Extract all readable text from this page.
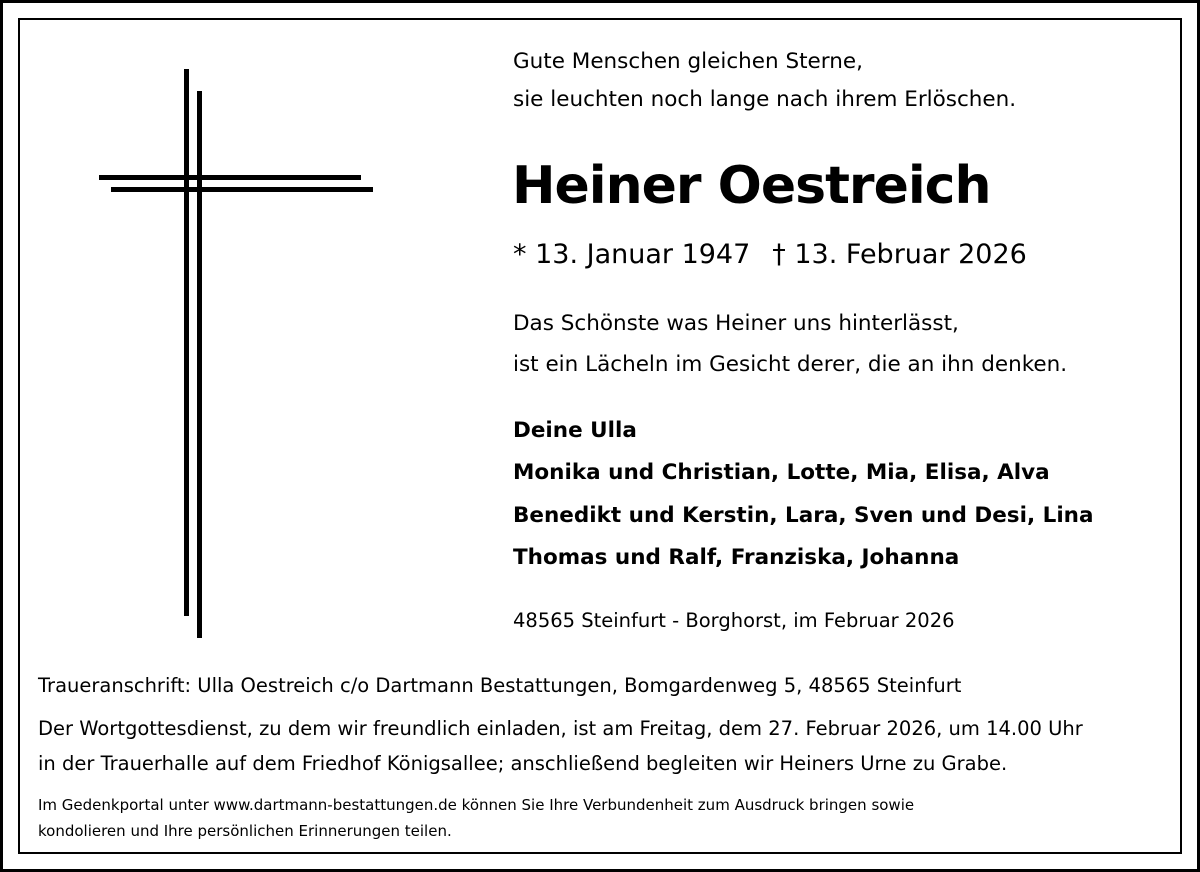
Gute Menschen gleichen Sterne,
sie leuchten noch lange nach ihrem Erlöschen.
Heiner Oestreich
* 13. Januar 1947 † 13. Februar 2026
Das Schönste was Heiner uns hinterlässt,
ist ein Lächeln im Gesicht derer, die an ihn denken.
Deine Ulla
Monika und Christian, Lotte, Mia, Elisa, Alva
Benedikt und Kerstin, Lara, Sven und Desi, Lina
Thomas und Ralf, Franziska, Johanna
48565 Steinfurt - Borghorst, im Februar 2026
Traueranschrift: Ulla Oestreich c/o Dartmann Bestattungen, Bomgardenweg 5, 48565 Steinfurt
Der Wortgottesdienst, zu dem wir freundlich einladen, ist am Freitag, dem 27. Februar 2026, um 14.00 Uhr
in der Trauerhalle auf dem Friedhof Königsallee; anschließend begleiten wir Heiners Urne zu Grabe.
Im Gedenkportal unter www.dartmann-bestattungen.de können Sie Ihre Verbundenheit zum Ausdruck bringen sowie
kondolieren und Ihre persönlichen Erinnerungen teilen.
